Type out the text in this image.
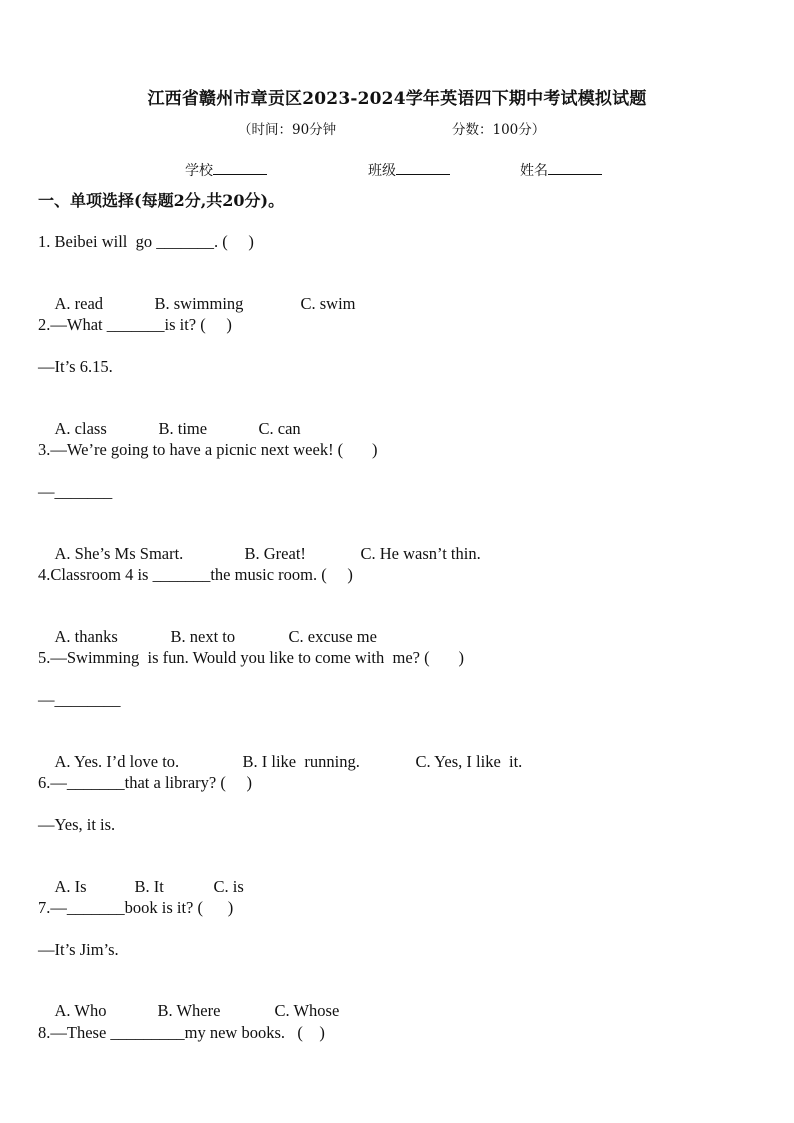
江西省赣州市章贡区2023-2024学年英语四下期中考试模拟试题
（时间：90分钟	分数：100分）
学校	班级	姓名
一、单项选择(每题2分,共20分)。
1. Beibei will  go _______. (     )

A. read	B. swimming	C. swim

2.—What _______is it? (     )
—It’s 6.15.

A. class	B. time	C. can

3.—We’re going to have a picnic next week! (       )
—_______

A. She’s Ms Smart.	B. Great!	C. He wasn’t thin.

4.Classroom 4 is _______the music room. (     )

A. thanks	B. next to	C. excuse me

5.—Swimming  is fun. Would you like to come with  me? (       )
—________

A. Yes. I’d love to.	B. I like  running.	C. Yes, I like  it.

6.—_______that a library? (     )
—Yes, it is.

A. Is	B. It	C. is

7.—_______book is it? (      )
—It’s Jim’s.

A. Who	B. Where	C. Whose

8.—These _________my new books.   (    )
